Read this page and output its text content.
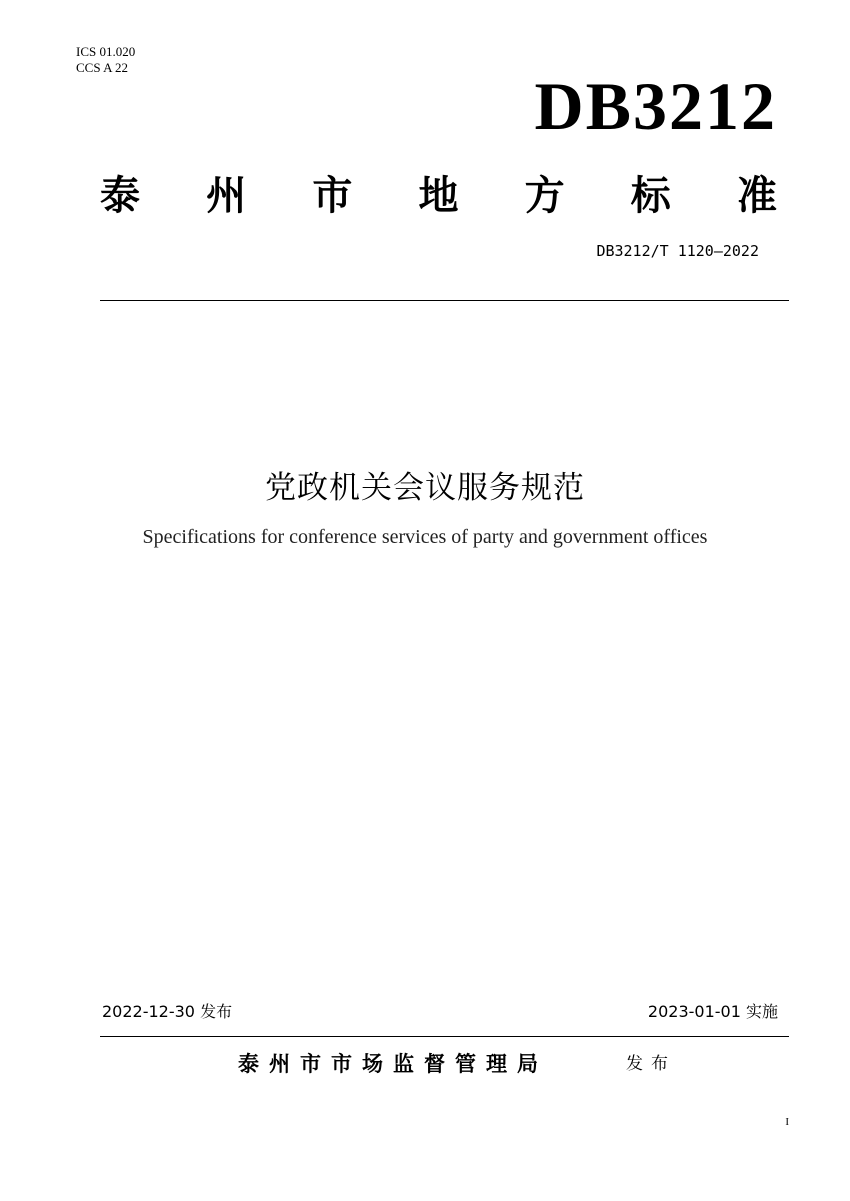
ICS 01.020
CCS A 22
DB3212
泰 州 市 地 方 标 准
DB3212/T 1120—2022
党政机关会议服务规范
Specifications for conference services of party and government offices
2022-12-30 发布	2023-01-01 实施
泰州市市场监督管理局	发布
I
